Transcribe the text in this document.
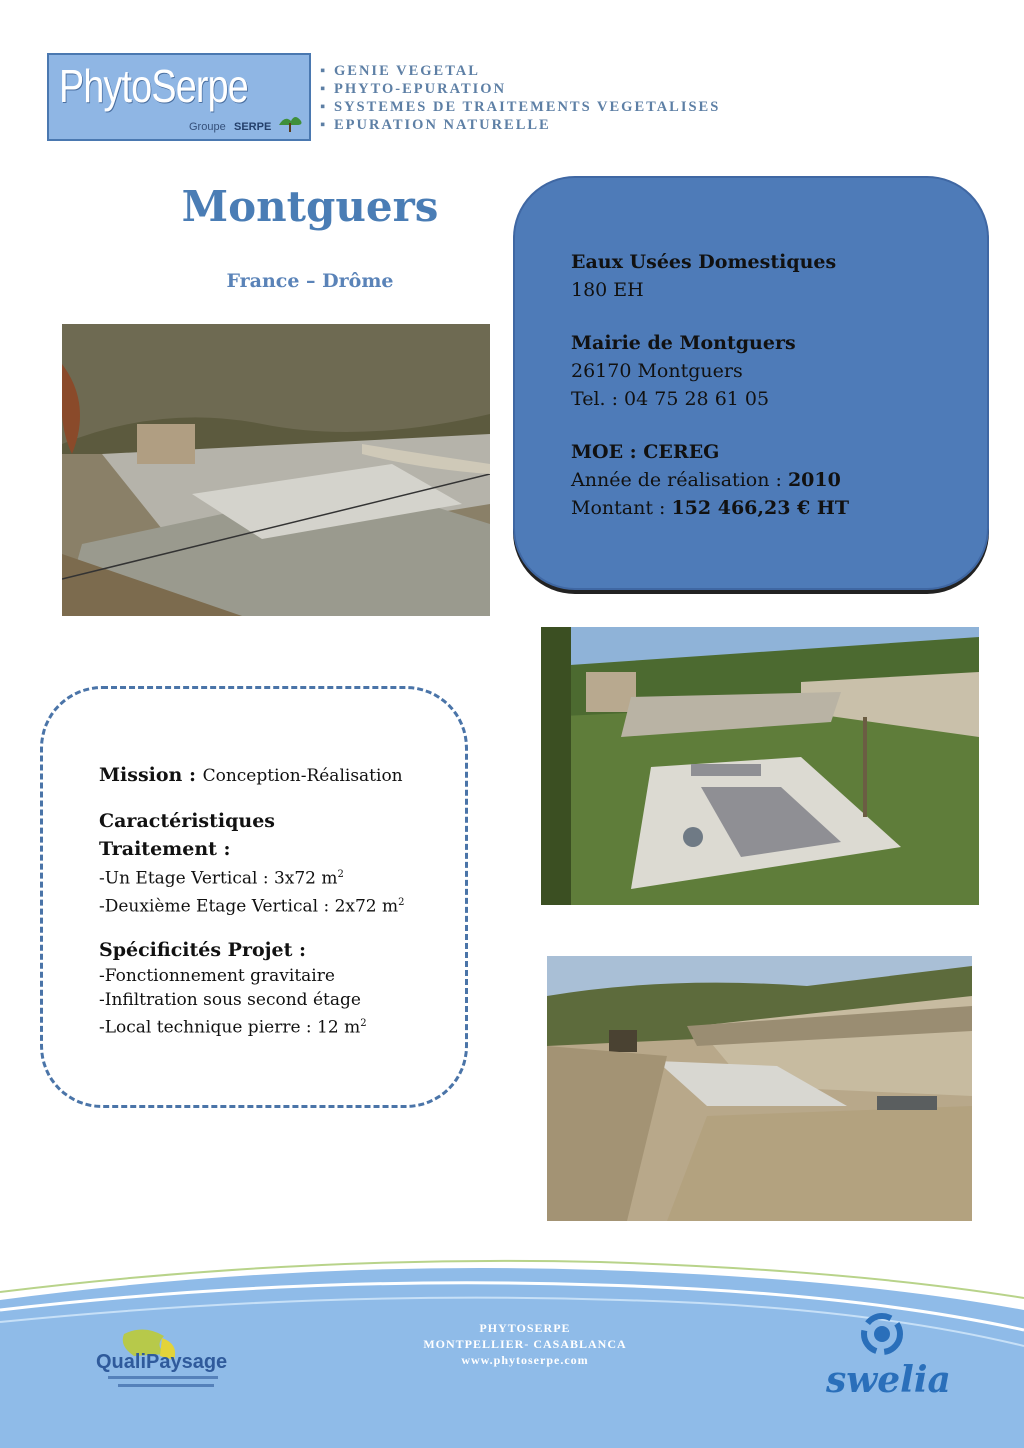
PhytoSerpe
Groupe SERPE
▪ GENIE VEGETAL
▪ PHYTO-EPURATION
▪ SYSTEMES DE TRAITEMENTS VEGETALISES
▪ EPURATION NATURELLE
Montguers
France – Drôme
Eaux Usées Domestiques
180 EH
Mairie de Montguers
26170 Montguers
Tel. : 04 75 28 61 05
MOE : CEREG
Année de réalisation : 2010
Montant : 152 466,23 € HT
Mission : Conception-Réalisation
Caractéristiques
Traitement :
-Un Etage Vertical : 3x72 $m^2$
-Deuxième Etage Vertical : 2x72 $m^2$
Spécificités Projet :
-Fonctionnement gravitaire
-Infiltration sous second étage
-Local technique pierre : 12 $m^2$
PHYTOSERPE
MONTPELLIER- CASABLANCA
www.phytoserpe.com
QualiPaysage	swelia
